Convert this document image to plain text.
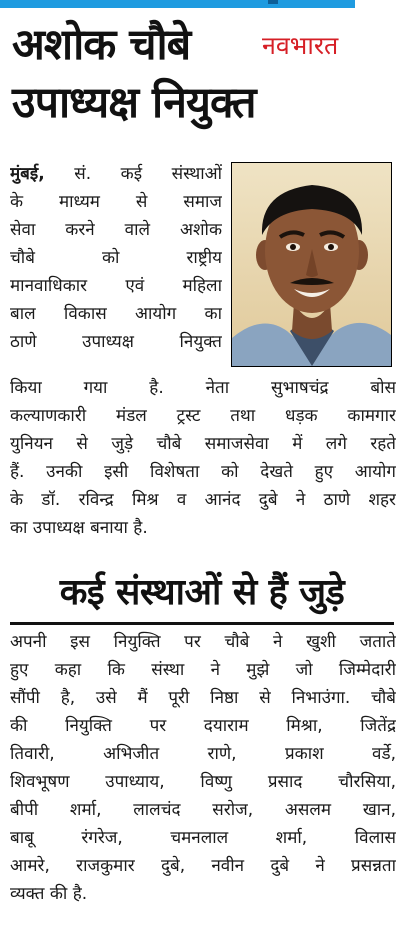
अशोक चौबे	नवभारत
उपाध्यक्ष नियुक्त
मुंबई, सं. कई संस्थाओं
के माध्यम से समाज
सेवा करने वाले अशोक
चौबे को राष्ट्रीय
मानवाधिकार एवं महिला
बाल विकास आयोग का
ठाणे उपाध्यक्ष नियुक्त
किया गया है. नेता सुभाषचंद्र बोस
कल्याणकारी मंडल ट्रस्ट तथा धड़क कामगार
युनियन से जुड़े चौबे समाजसेवा में लगे रहते
हैं. उनकी इसी विशेषता को देखते हुए आयोग
के डॉ. रविन्द्र मिश्र व आनंद दुबे ने ठाणे शहर
का उपाध्यक्ष बनाया है.
कई संस्थाओं से हैं जुड़े
अपनी इस नियुक्ति पर चौबे ने खुशी जताते
हुए कहा कि संस्था ने मुझे जो जिम्मेदारी
सौंपी है, उसे मैं पूरी निष्ठा से निभाउंगा. चौबे
की नियुक्ति पर दयाराम मिश्रा, जितेंद्र
तिवारी, अभिजीत राणे, प्रकाश वर्डे,
शिवभूषण उपाध्याय, विष्णु प्रसाद चौरसिया,
बीपी शर्मा, लालचंद सरोज, असलम खान,
बाबू रंगरेज, चमनलाल शर्मा, विलास
आमरे, राजकुमार दुबे, नवीन दुबे ने प्रसन्नता
व्यक्त की है.
